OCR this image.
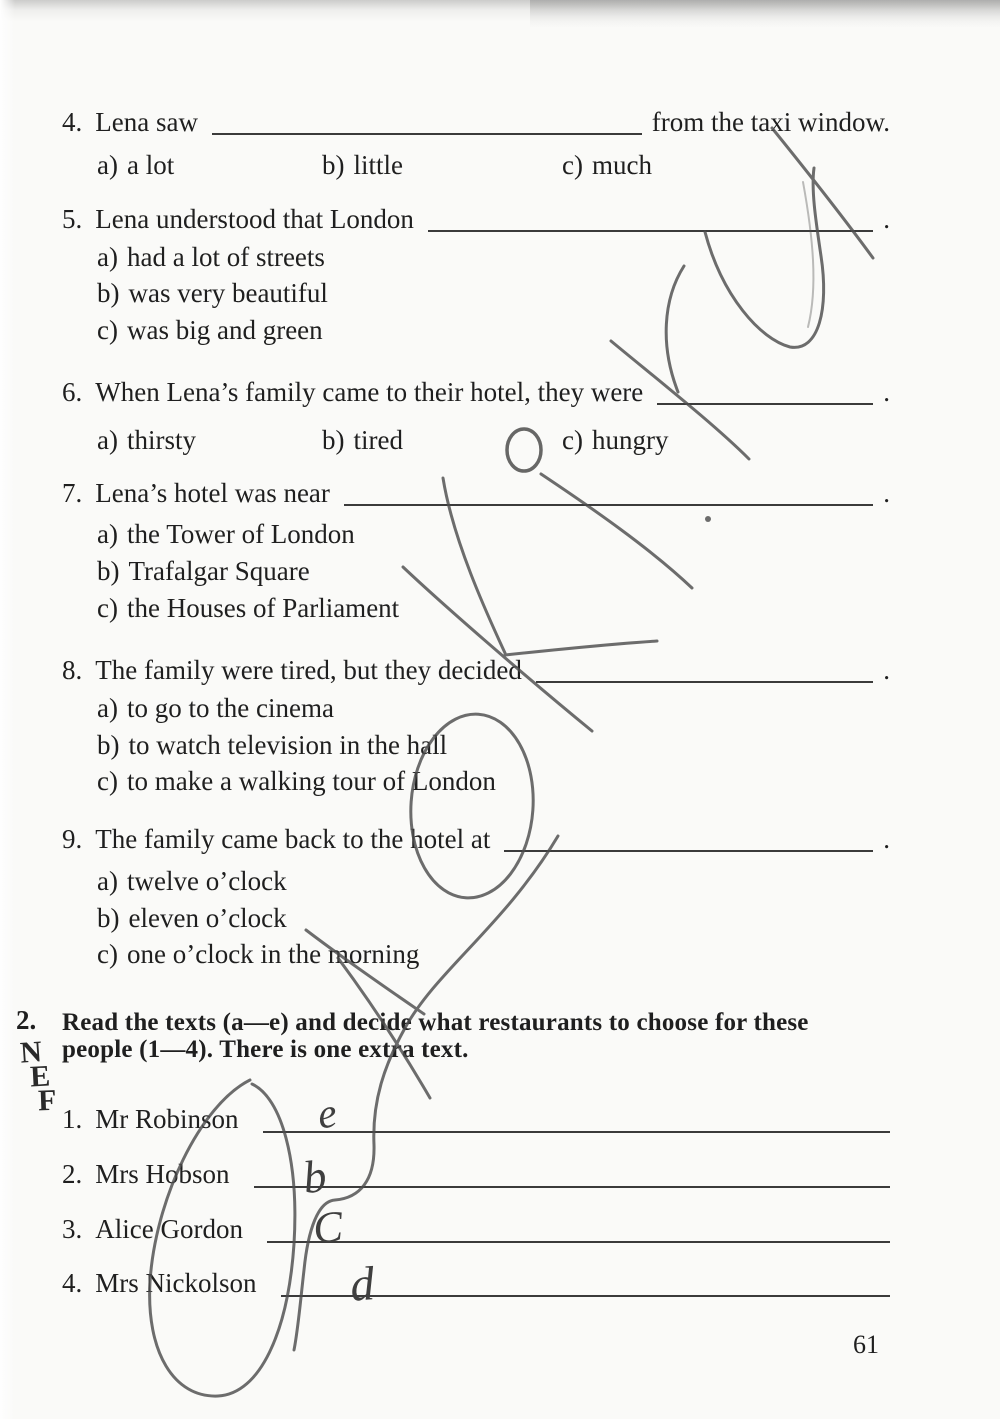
4. Lena saw	from the taxi window.
a) a lot	b) little	c) much
5. Lena understood that London	.
a) had a lot of streets
b) was very beautiful
c) was big and green
6. When Lena’s family came to their hotel, they were	.
a) thirsty	b) tired	c) hungry
7. Lena’s hotel was near	.
a) the Tower of London
b) Trafalgar Square
c) the Houses of Parliament
8. The family were tired, but they decided	.
a) to go to the cinema
b) to watch television in the hall
c) to make a walking tour of London
9. The family came back to the hotel at	.
a) twelve o’clock
b) eleven o’clock
c) one o’clock in the morning
2. Read the texts (a—e) and decide what restaurants to choose for these
people (1—4). There is one extra text.
1. Mr Robinson
2. Mrs Hobson
3. Alice Gordon
4. Mrs Nickolson
61
e
b
C
d
N
E
F
